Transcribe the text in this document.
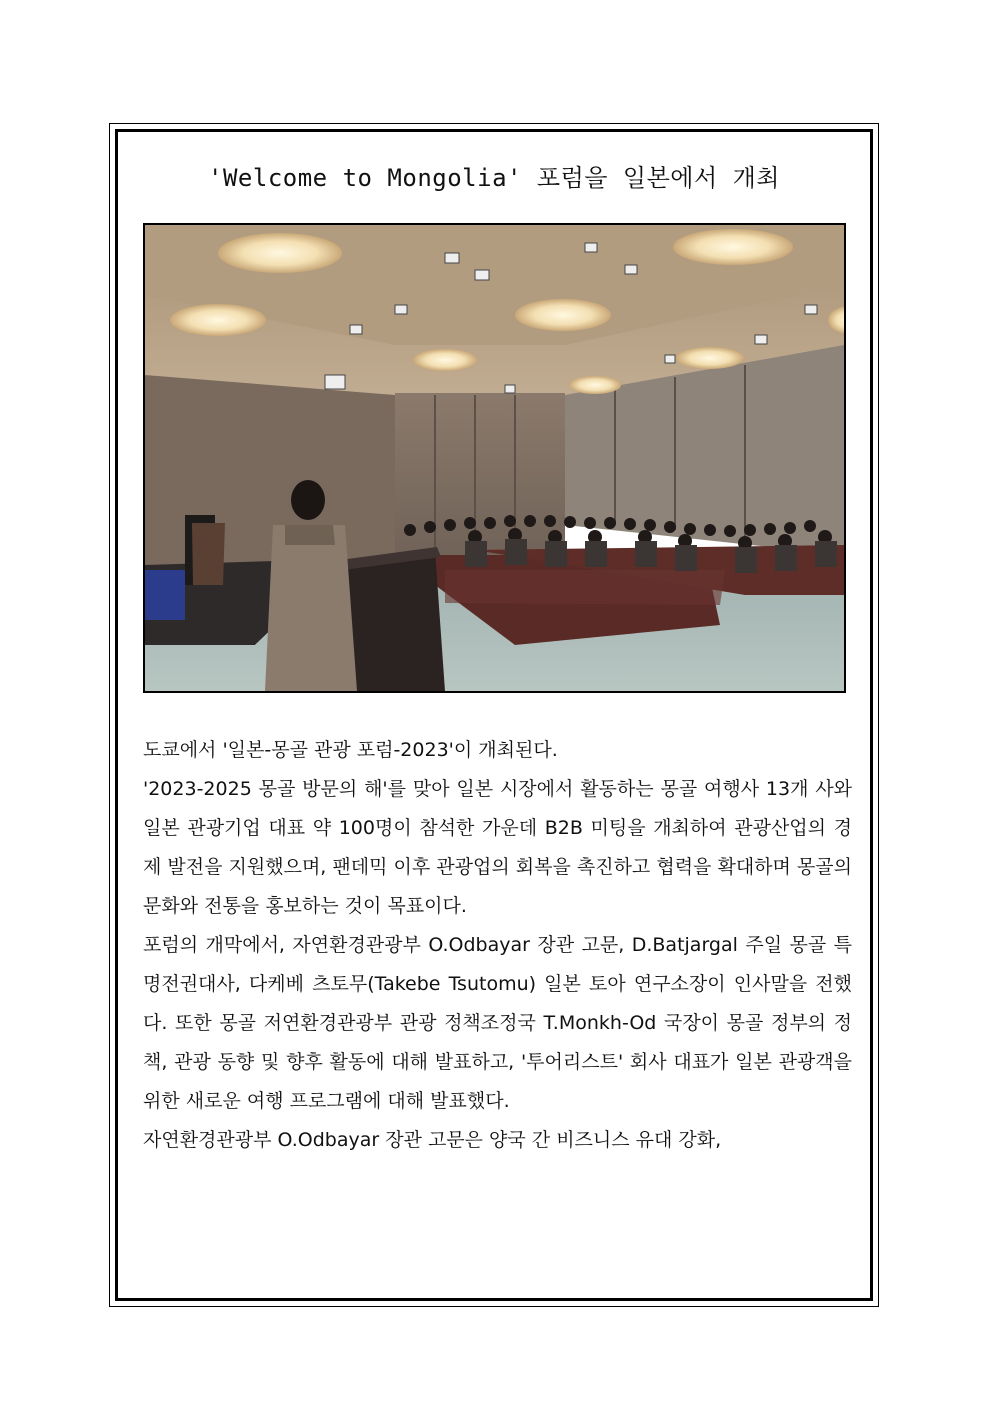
'Welcome to Mongolia' 포럼을 일본에서 개최

도쿄에서 '일본-몽골 관광 포럼-2023'이 개최된다.

'2023-2025 몽골 방문의 해'를 맞아 일본 시장에서 활동하는 몽골 여행사 13개 사와 일본 관광기업 대표 약 100명이 참석한 가운데 B2B 미팅을 개최하여 관광산업의 경제 발전을 지원했으며, 팬데믹 이후 관광업의 회복을 촉진하고 협력을 확대하며 몽골의 문화와 전통을 홍보하는 것이 목표이다.

포럼의 개막에서, 자연환경관광부 O.Odbayar 장관 고문, D.Batjargal 주일 몽골 특명전권대사, 다케베 츠토무(Takebe Tsutomu) 일본 토아 연구소장이 인사말을 전했다. 또한 몽골 저연환경관광부 관광 정책조정국 T.Monkh-Od 국장이 몽골 정부의 정책, 관광 동향 및 향후 활동에 대해 발표하고, '투어리스트' 회사 대표가 일본 관광객을 위한 새로운 여행 프로그램에 대해 발표했다.

자연환경관광부 O.Odbayar 장관 고문은 양국 간 비즈니스 유대 강화,
